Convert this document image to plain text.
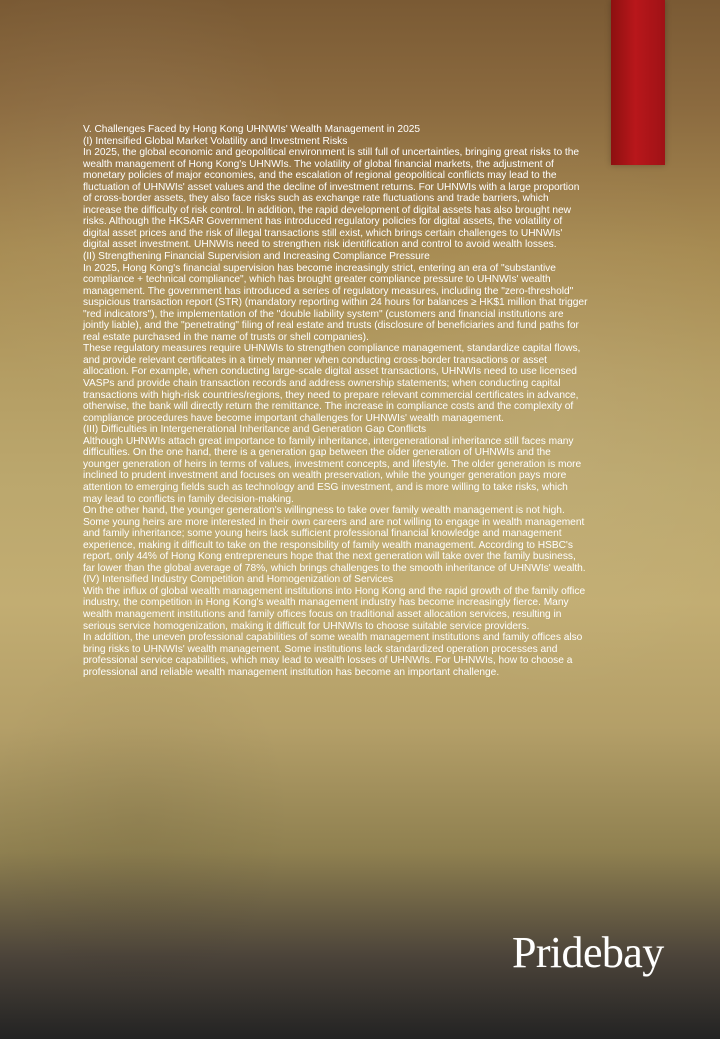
V. Challenges Faced by Hong Kong UHNWIs' Wealth Management in 2025
(I) Intensified Global Market Volatility and Investment Risks
In 2025, the global economic and geopolitical environment is still full of uncertainties, bringing great risks to the wealth management of Hong Kong's UHNWIs. The volatility of global financial markets, the adjustment of monetary policies of major economies, and the escalation of regional geopolitical conflicts may lead to the fluctuation of UHNWIs' asset values and the decline of investment returns. For UHNWIs with a large proportion of cross-border assets, they also face risks such as exchange rate fluctuations and trade barriers, which increase the difficulty of risk control. In addition, the rapid development of digital assets has also brought new risks. Although the HKSAR Government has introduced regulatory policies for digital assets, the volatility of digital asset prices and the risk of illegal transactions still exist, which brings certain challenges to UHNWIs' digital asset investment. UHNWIs need to strengthen risk identification and control to avoid wealth losses.
(II) Strengthening Financial Supervision and Increasing Compliance Pressure
In 2025, Hong Kong's financial supervision has become increasingly strict, entering an era of "substantive compliance + technical compliance", which has brought greater compliance pressure to UHNWIs' wealth management. The government has introduced a series of regulatory measures, including the "zero-threshold" suspicious transaction report (STR) (mandatory reporting within 24 hours for balances ≥ HK$1 million that trigger "red indicators"), the implementation of the "double liability system" (customers and financial institutions are jointly liable), and the "penetrating" filing of real estate and trusts (disclosure of beneficiaries and fund paths for real estate purchased in the name of trusts or shell companies).
These regulatory measures require UHNWIs to strengthen compliance management, standardize capital flows, and provide relevant certificates in a timely manner when conducting cross-border transactions or asset allocation. For example, when conducting large-scale digital asset transactions, UHNWIs need to use licensed VASPs and provide chain transaction records and address ownership statements; when conducting capital transactions with high-risk countries/regions, they need to prepare relevant commercial certificates in advance, otherwise, the bank will directly return the remittance. The increase in compliance costs and the complexity of compliance procedures have become important challenges for UHNWIs' wealth management.
(III) Difficulties in Intergenerational Inheritance and Generation Gap Conflicts
Although UHNWIs attach great importance to family inheritance, intergenerational inheritance still faces many difficulties. On the one hand, there is a generation gap between the older generation of UHNWIs and the younger generation of heirs in terms of values, investment concepts, and lifestyle. The older generation is more inclined to prudent investment and focuses on wealth preservation, while the younger generation pays more attention to emerging fields such as technology and ESG investment, and is more willing to take risks, which may lead to conflicts in family decision-making.
On the other hand, the younger generation's willingness to take over family wealth management is not high. Some young heirs are more interested in their own careers and are not willing to engage in wealth management and family inheritance; some young heirs lack sufficient professional financial knowledge and management experience, making it difficult to take on the responsibility of family wealth management. According to HSBC's report, only 44% of Hong Kong entrepreneurs hope that the next generation will take over the family business, far lower than the global average of 78%, which brings challenges to the smooth inheritance of UHNWIs' wealth.
(IV) Intensified Industry Competition and Homogenization of Services
With the influx of global wealth management institutions into Hong Kong and the rapid growth of the family office industry, the competition in Hong Kong's wealth management industry has become increasingly fierce. Many wealth management institutions and family offices focus on traditional asset allocation services, resulting in serious service homogenization, making it difficult for UHNWIs to choose suitable service providers.
In addition, the uneven professional capabilities of some wealth management institutions and family offices also bring risks to UHNWIs' wealth management. Some institutions lack standardized operation processes and professional service capabilities, which may lead to wealth losses of UHNWIs. For UHNWIs, how to choose a professional and reliable wealth management institution has become an important challenge.
Pridebay
